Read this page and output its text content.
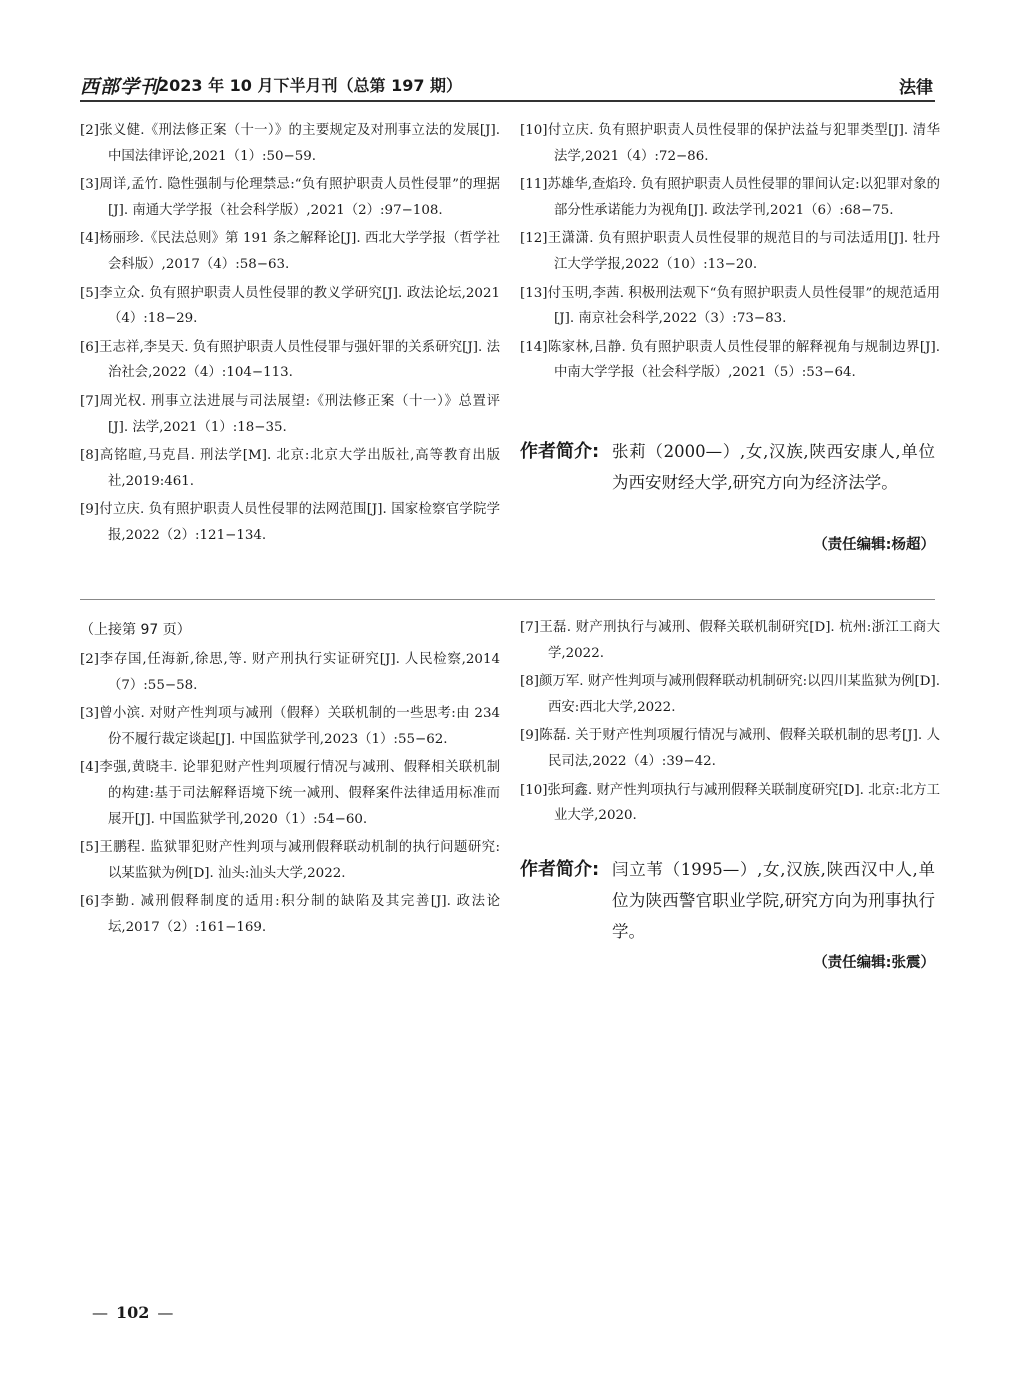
西部学刊
2023 年 10 月下半月刊（总第 197 期）	法律

[2]张义健.《刑法修正案（十一）》的主要规定及对刑事立法的发展[J]. 中国法律评论,2021（1）:50−59.

[3]周详,孟竹. 隐性强制与伦理禁忌:“负有照护职责人员性侵罪”的理据[J]. 南通大学学报（社会科学版）,2021（2）:97−108.

[4]杨丽珍.《民法总则》第 191 条之解释论[J]. 西北大学学报（哲学社会科版）,2017（4）:58−63.

[5]李立众. 负有照护职责人员性侵罪的教义学研究[J]. 政法论坛,2021（4）:18−29.

[6]王志祥,李昊天. 负有照护职责人员性侵罪与强奸罪的关系研究[J]. 法治社会,2022（4）:104−113.

[7]周光权. 刑事立法进展与司法展望:《刑法修正案（十一）》总置评[J]. 法学,2021（1）:18−35.

[8]高铭暄,马克昌. 刑法学[M]. 北京:北京大学出版社,高等教育出版社,2019:461.

[9]付立庆. 负有照护职责人员性侵罪的法网范围[J]. 国家检察官学院学报,2022（2）:121−134.

[10]付立庆. 负有照护职责人员性侵罪的保护法益与犯罪类型[J]. 清华法学,2021（4）:72−86.

[11]苏雄华,查焰玲. 负有照护职责人员性侵罪的罪间认定:以犯罪对象的部分性承诺能力为视角[J]. 政法学刊,2021（6）:68−75.

[12]王潇潇. 负有照护职责人员性侵罪的规范目的与司法适用[J]. 牡丹江大学学报,2022（10）:13−20.

[13]付玉明,李茜. 积极刑法观下“负有照护职责人员性侵罪”的规范适用[J]. 南京社会科学,2022（3）:73−83.

[14]陈家林,吕静. 负有照护职责人员性侵罪的解释视角与规制边界[J]. 中南大学学报（社会科学版）,2021（5）:53−64.

作者简介: 张莉（2000—）,女,汉族,陕西安康人,单位为西安财经大学,研究方向为经济法学。
（责任编辑:杨超）
（上接第 97 页）

[2]李存国,任海新,徐思,等. 财产刑执行实证研究[J]. 人民检察,2014（7）:55−58.

[3]曾小滨. 对财产性判项与减刑（假释）关联机制的一些思考:由 234 份不履行裁定谈起[J]. 中国监狱学刊,2023（1）:55−62.

[4]李强,黄晓丰. 论罪犯财产性判项履行情况与减刑、假释相关联机制的构建:基于司法解释语境下统一减刑、假释案件法律适用标准而展开[J]. 中国监狱学刊,2020（1）:54−60.

[5]王鹏程. 监狱罪犯财产性判项与减刑假释联动机制的执行问题研究:以某监狱为例[D]. 汕头:汕头大学,2022.

[6]李勤. 减刑假释制度的适用:积分制的缺陷及其完善[J]. 政法论坛,2017（2）:161−169.

[7]王磊. 财产刑执行与减刑、假释关联机制研究[D]. 杭州:浙江工商大学,2022.

[8]颜万军. 财产性判项与减刑假释联动机制研究:以四川某监狱为例[D]. 西安:西北大学,2022.

[9]陈磊. 关于财产性判项履行情况与减刑、假释关联机制的思考[J]. 人民司法,2022（4）:39−42.

[10]张珂鑫. 财产性判项执行与减刑假释关联制度研究[D]. 北京:北方工业大学,2020.

作者简介: 闫立苇（1995—）,女,汉族,陕西汉中人,单位为陕西警官职业学院,研究方向为刑事执行学。
（责任编辑:张震）
— 102 —
